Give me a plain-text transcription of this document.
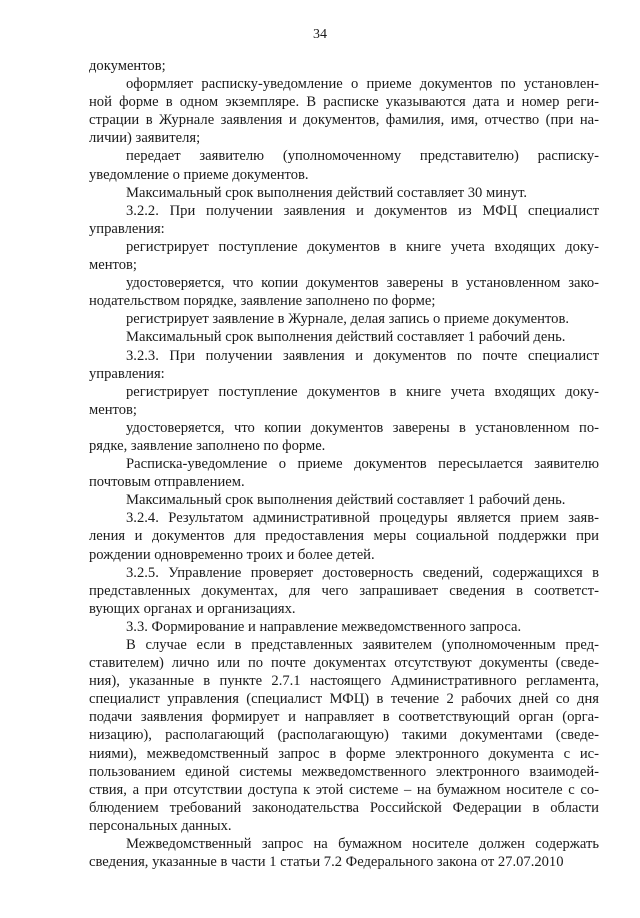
34
документов;
оформляет расписку-уведомление о приеме документов по установлен-
ной форме в одном экземпляре. В расписке указываются дата и номер реги-
страции в Журнале заявления и документов, фамилия, имя, отчество (при на-
личии) заявителя;
передает заявителю (уполномоченному представителю) расписку-
уведомление о приеме документов.
Максимальный срок выполнения действий составляет 30 минут.
3.2.2. При получении заявления и документов из МФЦ специалист
управления:
регистрирует поступление документов в книге учета входящих доку-
ментов;
удостоверяется, что копии документов заверены в установленном зако-
нодательством порядке, заявление заполнено по форме;
регистрирует заявление в Журнале, делая запись о приеме документов.
Максимальный срок выполнения действий составляет 1 рабочий день.
3.2.3. При получении заявления и документов по почте специалист
управления:
регистрирует поступление документов в книге учета входящих доку-
ментов;
удостоверяется, что копии документов заверены в установленном по-
рядке, заявление заполнено по форме.
Расписка-уведомление о приеме документов пересылается заявителю
почтовым отправлением.
Максимальный срок выполнения действий составляет 1 рабочий день.
3.2.4. Результатом административной процедуры является прием заяв-
ления и документов для предоставления меры социальной поддержки при
рождении одновременно троих и более детей.
3.2.5. Управление проверяет достоверность сведений, содержащихся в
представленных документах, для чего запрашивает сведения в соответст-
вующих органах и организациях.
3.3. Формирование и направление межведомственного запроса.
В случае если в представленных заявителем (уполномоченным пред-
ставителем) лично или по почте документах отсутствуют документы (сведе-
ния), указанные в пункте 2.7.1 настоящего Административного регламента,
специалист управления (специалист МФЦ) в течение 2 рабочих дней со дня
подачи заявления формирует и направляет в соответствующий орган (орга-
низацию), располагающий (располагающую) такими документами (сведе-
ниями), межведомственный запрос в форме электронного документа с ис-
пользованием единой системы межведомственного электронного взаимодей-
ствия, а при отсутствии доступа к этой системе – на бумажном носителе с со-
блюдением требований законодательства Российской Федерации в области
персональных данных.
Межведомственный запрос на бумажном носителе должен содержать
сведения, указанные в части 1 статьи 7.2 Федерального закона от 27.07.2010
